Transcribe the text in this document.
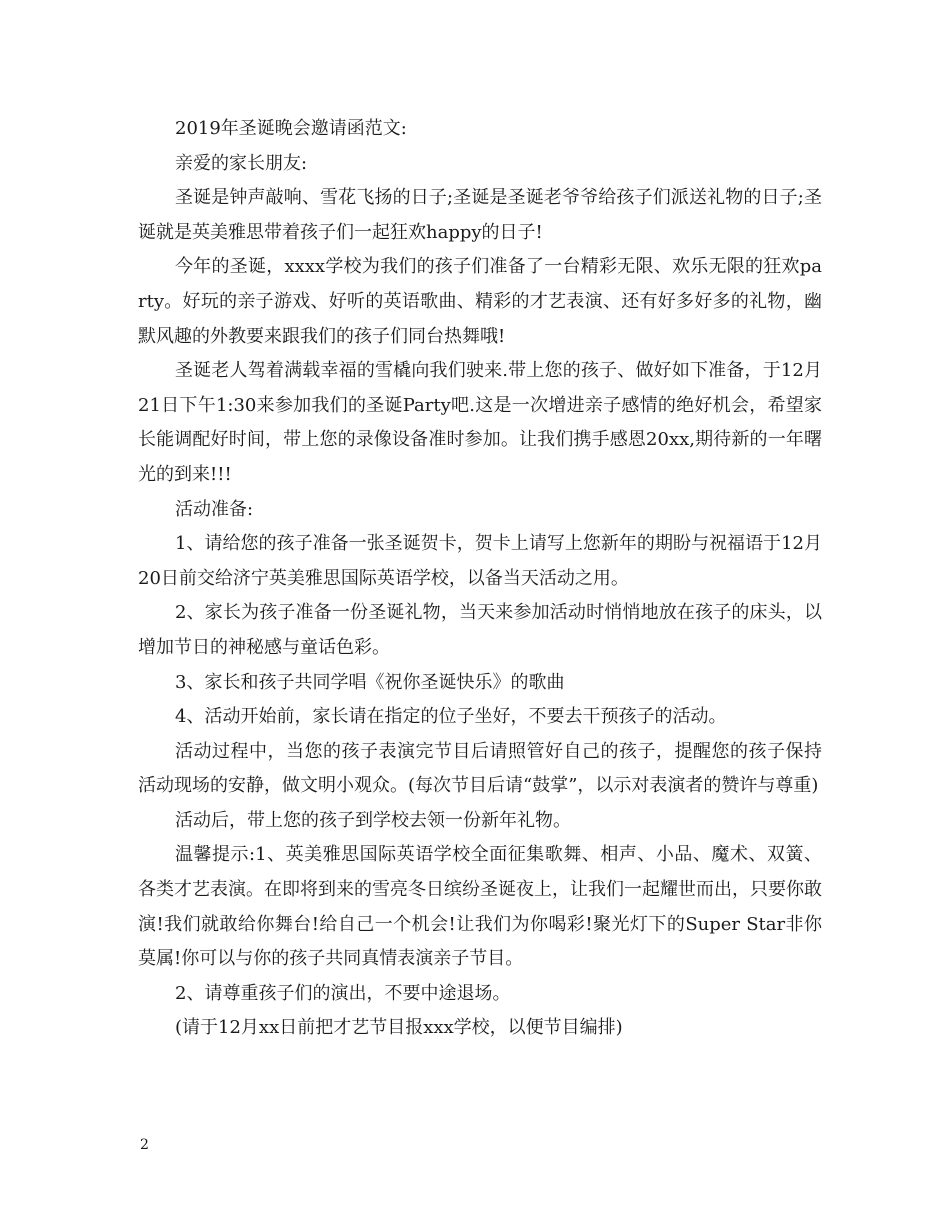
2019年圣诞晚会邀请函范文:

亲爱的家长朋友:

圣诞是钟声敲响、雪花飞扬的日子;圣诞是圣诞老爷爷给孩子们派送礼物的日子;圣诞就是英美雅思带着孩子们一起狂欢happy的日子!

今年的圣诞，xxxx学校为我们的孩子们准备了一台精彩无限、欢乐无限的狂欢party。好玩的亲子游戏、好听的英语歌曲、精彩的才艺表演、还有好多好多的礼物，幽默风趣的外教要来跟我们的孩子们同台热舞哦!

圣诞老人驾着满载幸福的雪橇向我们驶来.带上您的孩子、做好如下准备，于12月21日下午1:30来参加我们的圣诞Party吧.这是一次增进亲子感情的绝好机会，希望家长能调配好时间，带上您的录像设备准时参加。让我们携手感恩20xx,期待新的一年曙光的到来!!!

活动准备:

1、请给您的孩子准备一张圣诞贺卡，贺卡上请写上您新年的期盼与祝福语于12月20日前交给济宁英美雅思国际英语学校，以备当天活动之用。

2、家长为孩子准备一份圣诞礼物，当天来参加活动时悄悄地放在孩子的床头，以增加节日的神秘感与童话色彩。

3、家长和孩子共同学唱《祝你圣诞快乐》的歌曲

4、活动开始前，家长请在指定的位子坐好，不要去干预孩子的活动。

活动过程中，当您的孩子表演完节目后请照管好自己的孩子，提醒您的孩子保持活动现场的安静，做文明小观众。(每次节目后请“鼓掌”，以示对表演者的赞许与尊重)

活动后，带上您的孩子到学校去领一份新年礼物。

温馨提示:1、英美雅思国际英语学校全面征集歌舞、相声、小品、魔术、双簧、各类才艺表演。在即将到来的雪亮冬日缤纷圣诞夜上，让我们一起耀世而出，只要你敢演!我们就敢给你舞台!给自己一个机会!让我们为你喝彩!聚光灯下的Super Star非你莫属!你可以与你的孩子共同真情表演亲子节目。

2、请尊重孩子们的演出，不要中途退场。

(请于12月xx日前把才艺节目报xxx学校，以便节目编排)

2
